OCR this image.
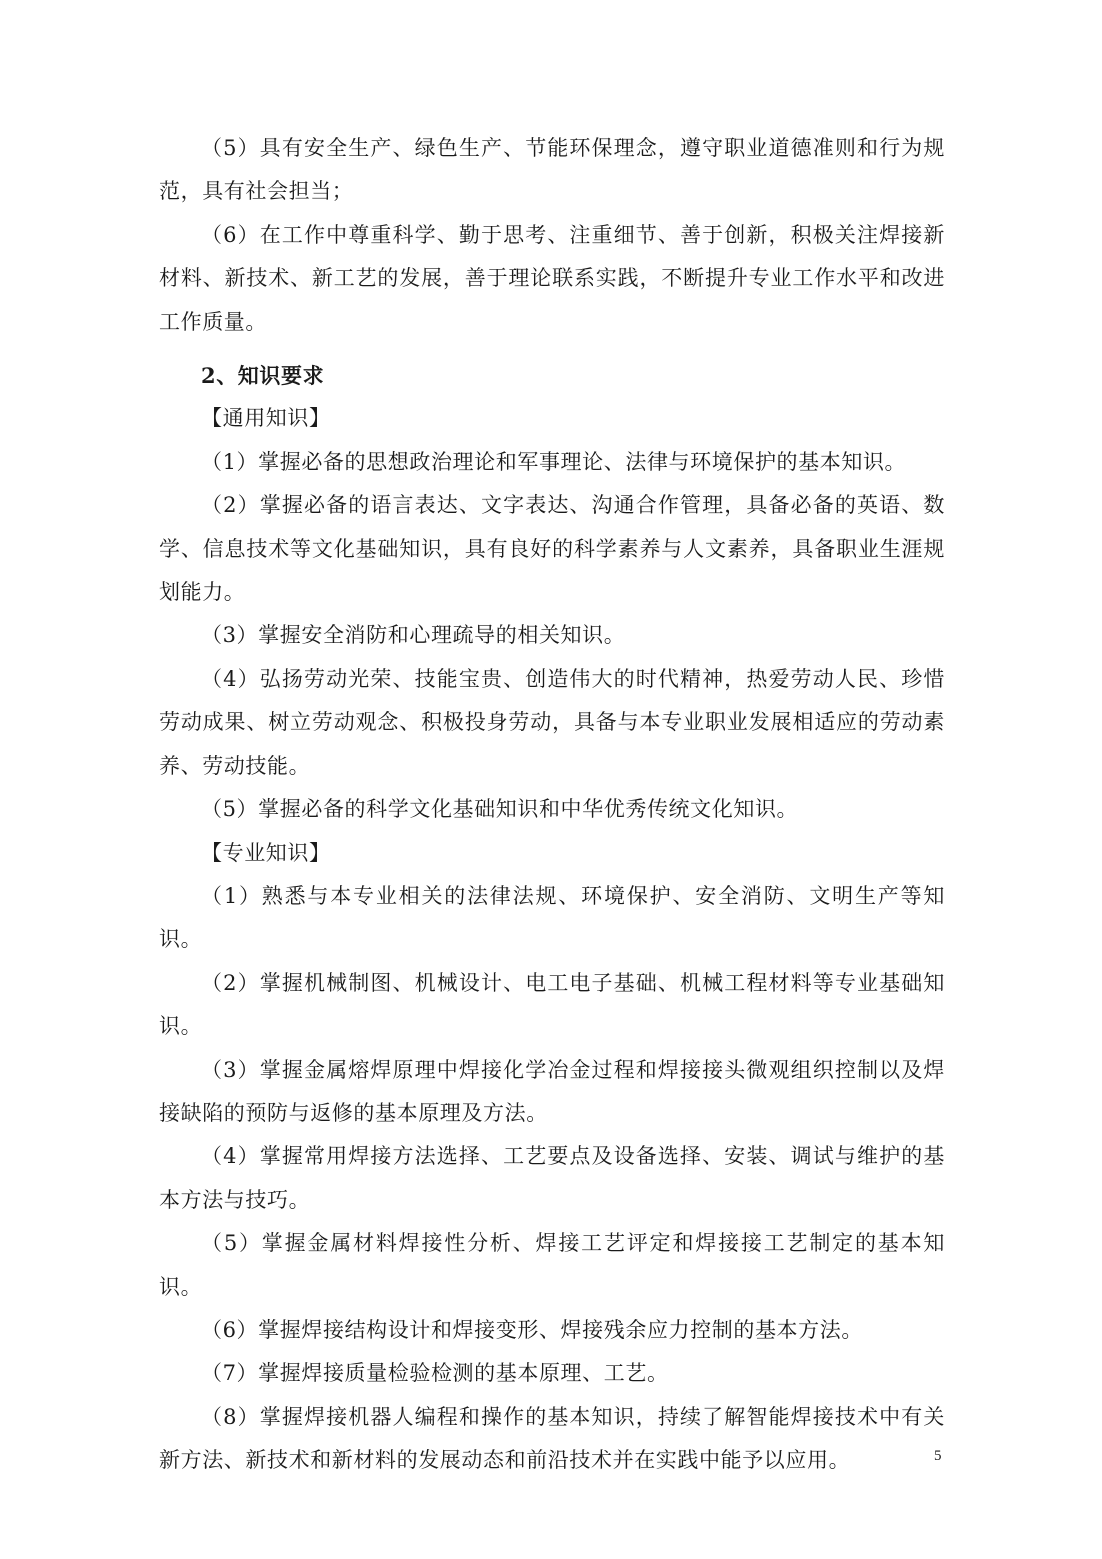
（5）具有安全生产、绿色生产、节能环保理念，遵守职业道德准则和行为规范，具有社会担当；

（6）在工作中尊重科学、勤于思考、注重细节、善于创新，积极关注焊接新材料、新技术、新工艺的发展，善于理论联系实践，不断提升专业工作水平和改进工作质量。

2、知识要求

【通用知识】

（1）掌握必备的思想政治理论和军事理论、法律与环境保护的基本知识。

（2）掌握必备的语言表达、文字表达、沟通合作管理，具备必备的英语、数学、信息技术等文化基础知识，具有良好的科学素养与人文素养，具备职业生涯规划能力。

（3）掌握安全消防和心理疏导的相关知识。

（4）弘扬劳动光荣、技能宝贵、创造伟大的时代精神，热爱劳动人民、珍惜劳动成果、树立劳动观念、积极投身劳动，具备与本专业职业发展相适应的劳动素养、劳动技能。

（5）掌握必备的科学文化基础知识和中华优秀传统文化知识。

【专业知识】

（1）熟悉与本专业相关的法律法规、环境保护、安全消防、文明生产等知识。

（2）掌握机械制图、机械设计、电工电子基础、机械工程材料等专业基础知识。

（3）掌握金属熔焊原理中焊接化学冶金过程和焊接接头微观组织控制以及焊接缺陷的预防与返修的基本原理及方法。

（4）掌握常用焊接方法选择、工艺要点及设备选择、安装、调试与维护的基本方法与技巧。

（5）掌握金属材料焊接性分析、焊接工艺评定和焊接接工艺制定的基本知识。

（6）掌握焊接结构设计和焊接变形、焊接残余应力控制的基本方法。

（7）掌握焊接质量检验检测的基本原理、工艺。

（8）掌握焊接机器人编程和操作的基本知识，持续了解智能焊接技术中有关新方法、新技术和新材料的发展动态和前沿技术并在实践中能予以应用。	5
